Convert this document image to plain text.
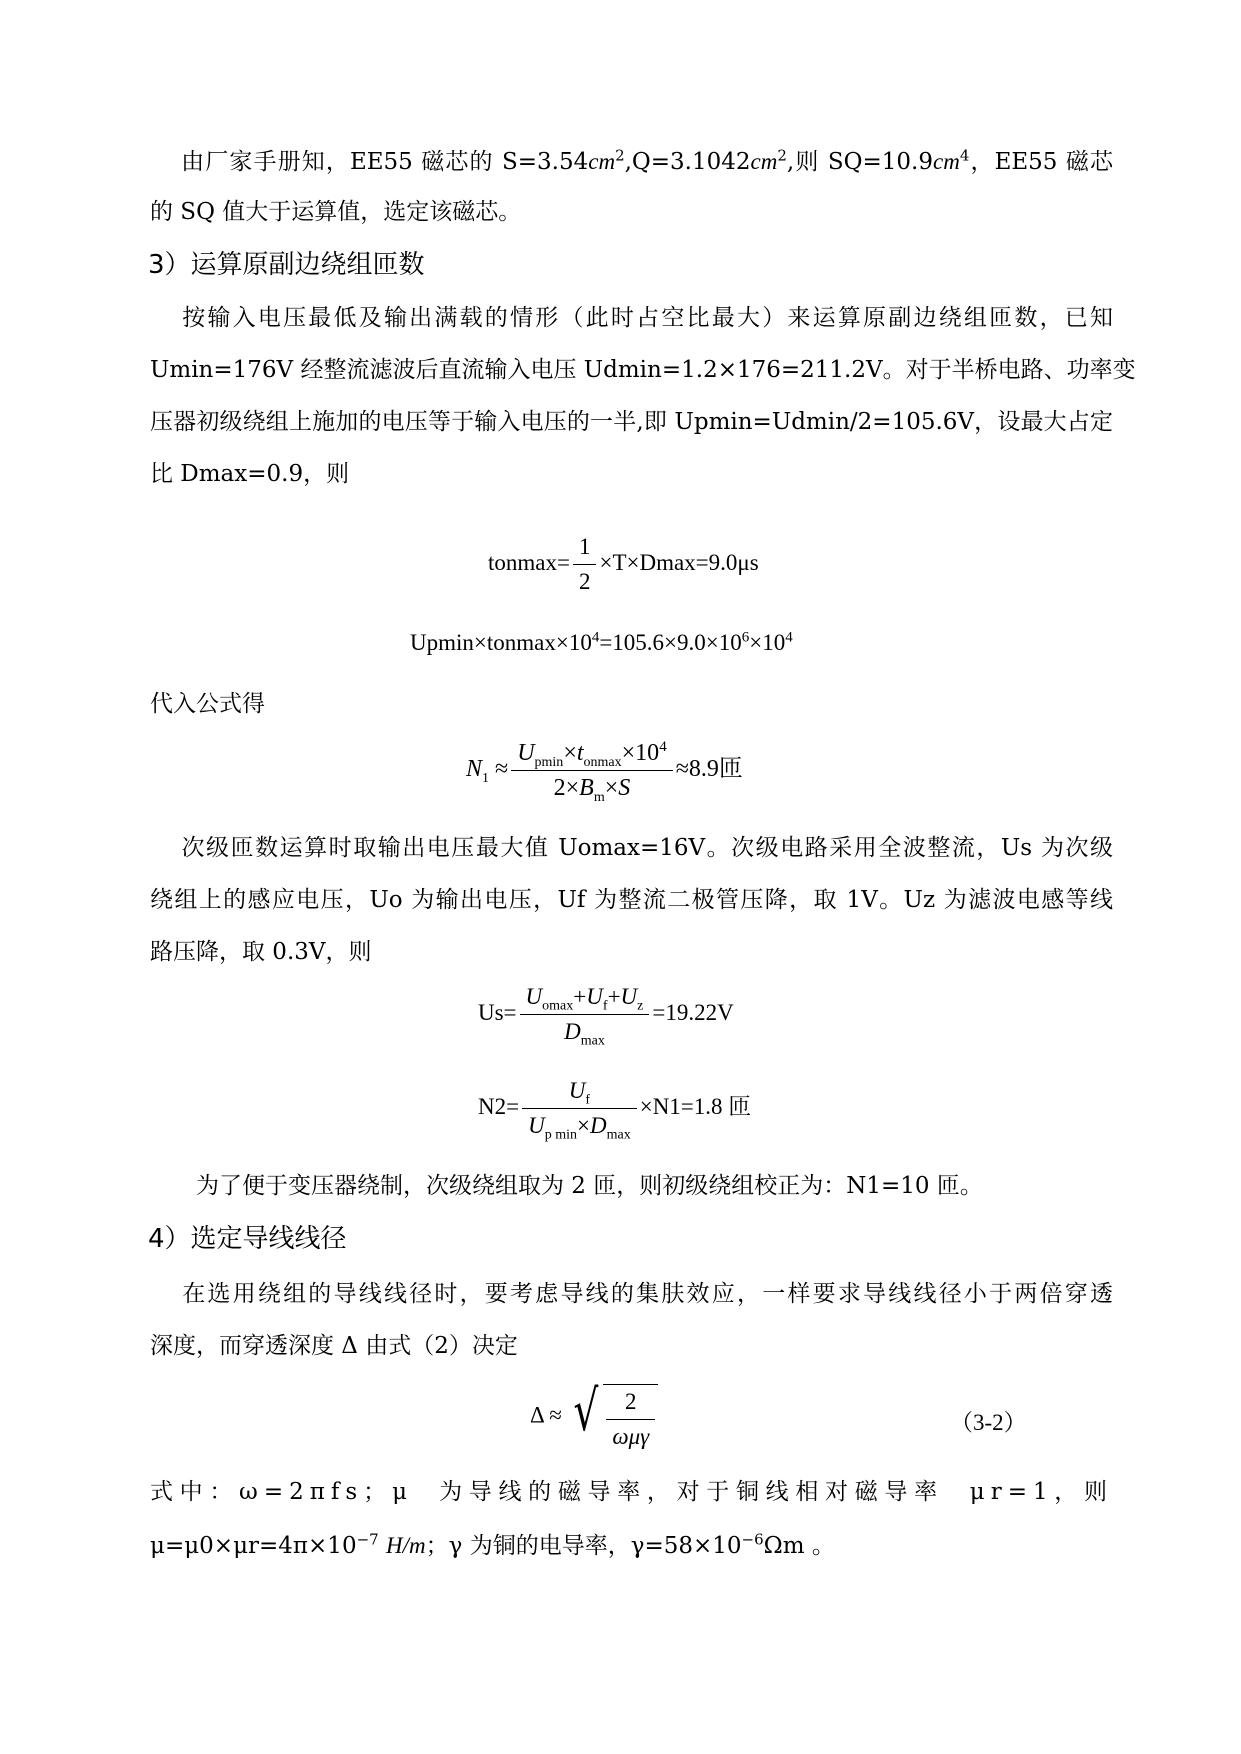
由厂家手册知，EE55 磁芯的 $S=3.54cm^2,Q=3.1042cm^2$,则 $SQ=10.9cm^4$，EE55 磁芯
的 SQ 值大于运算值，选定该磁芯。
3）运算原副边绕组匝数
按输入电压最低及输出满载的情形（此时占空比最大）来运算原副边绕组匝数，已知
Umin=176V 经整流滤波后直流输入电压 Udmin=1.2×176=211.2V。对于半桥电路、功率变
压器初级绕组上施加的电压等于输入电压的一半,即 Upmin=Udmin/2=105.6V，设最大占定
比 Dmax=0.9，则
$tonmax= \frac{1}{2} \times T\times Dmax=9.0\mu s$
$Upmin\times tonmax\times 10^4=105.6\times 9.0\times 10^6\times 10^4$
代入公式得
$N_1 \approx \frac{U_{pmin}\times t_{onmax}\times 10^4}{2\times B_m\times S} \approx 8.9$匝
次级匝数运算时取输出电压最大值 Uomax=16V。次级电路采用全波整流，Us 为次级
绕组上的感应电压，Uo 为输出电压，Uf 为整流二极管压降，取 1V。Uz 为滤波电感等线
路压降，取 0.3V，则
$Us= \frac{U_{omax}+U_f+U_z}{D_{max}} =19.22V$
$N2= \frac{U_f}{U_{p min}\times D_{max}} \times N1=1.8$ 匝
为了便于变压器绕制，次级绕组取为 2 匝，则初级绕组校正为：N1=10 匝。
4）选定导线线径
在选用绕组的导线线径时，要考虑导线的集肤效应，一样要求导线线径小于两倍穿透
深度，而穿透深度 Δ 由式（2）决定
Δ ≈ √ $\frac{2}{\text{ωμγ}}$	（3-2）
式中：ω=2πfs；μ 为导线的磁导率，对于铜线相对磁导率 μr=1，则
$\mu=\mu 0\times\mu r=4\pi\times 10^{-7}$ H/m；γ 为铜的电导率，$\gamma=58\times 10^{-6}\Omega m$ 。
